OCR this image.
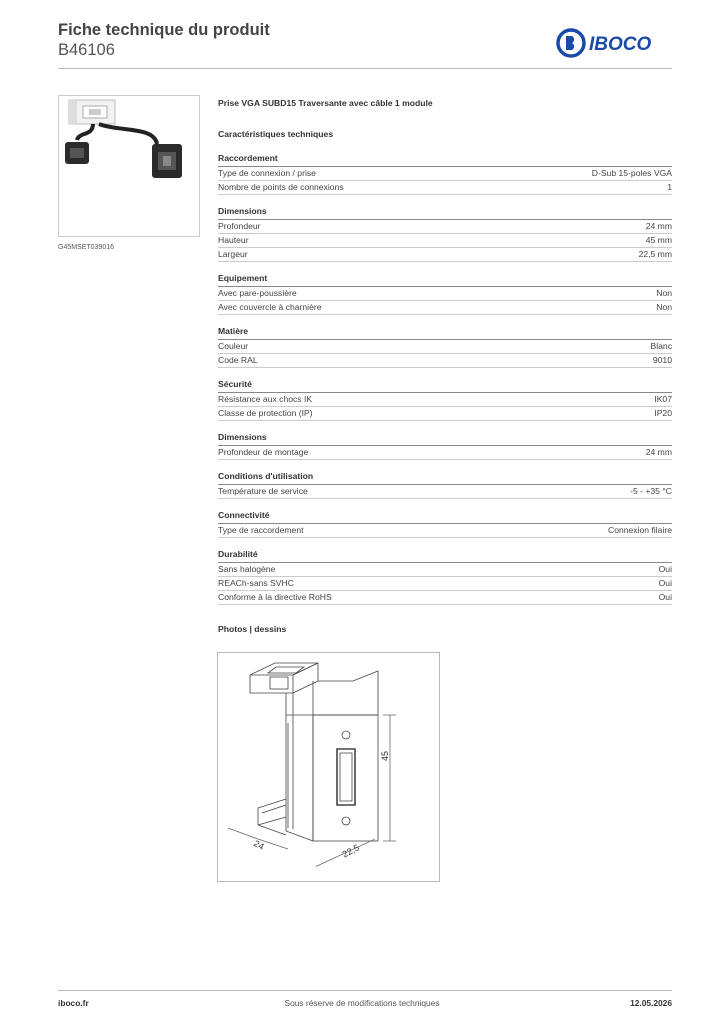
Fiche technique du produit
B46106	IBOCO
G45MSET039016
Prise VGA SUBD15 Traversante avec câble 1 module
Caractéristiques techniques
Raccordement
Type de connexion / prise	D-Sub 15-poles VGA
Nombre de points de connexions	1
Dimensions
Profondeur	24 mm
Hauteur	45 mm
Largeur	22,5 mm
Equipement
Avec pare-poussière	Non
Avec couvercle à charnière	Non
Matière
Couleur	Blanc
Code RAL	9010
Sécurité
Résistance aux chocs IK	IK07
Classe de protection (IP)	IP20
Dimensions
Profondeur de montage	24 mm
Conditions d'utilisation
Température de service	-5 - +35 °C
Connectivité
Type de raccordement	Connexion filaire
Durabilité
Sans halogène	Oui
REACh-sans SVHC	Oui
Conforme à la directive RoHS	Oui
Photos | dessins
45
24	22,5
iboco.fr	Sous réserve de modifications techniques	12.05.2026
